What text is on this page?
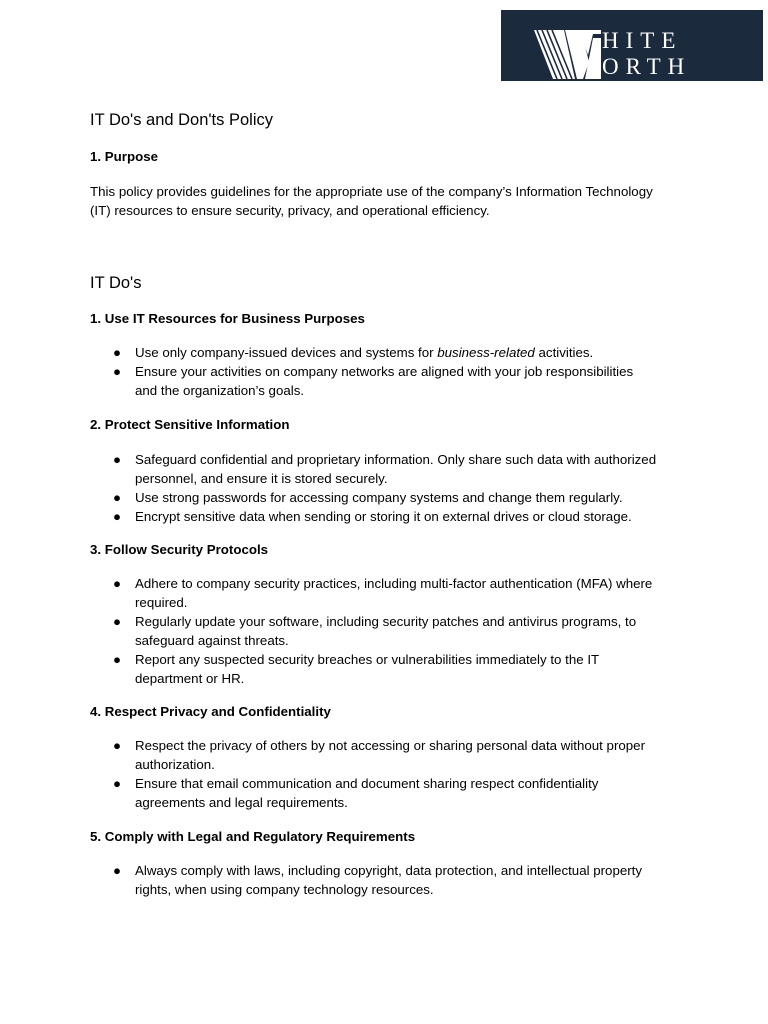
HITE
ORTH
IT Do's and Don'ts Policy
1. Purpose

This policy provides guidelines for the appropriate use of the company’s Information Technology
(IT) resources to ensure security, privacy, and operational efficiency.

IT Do's
1. Use IT Resources for Business Purposes
● Use only company-issued devices and systems for business-related activities.
● Ensure your activities on company networks are aligned with your job responsibilities
and the organization’s goals.
2. Protect Sensitive Information
● Safeguard confidential and proprietary information. Only share such data with authorized
personnel, and ensure it is stored securely.
● Use strong passwords for accessing company systems and change them regularly.
● Encrypt sensitive data when sending or storing it on external drives or cloud storage.
3. Follow Security Protocols
● Adhere to company security practices, including multi-factor authentication (MFA) where
required.
● Regularly update your software, including security patches and antivirus programs, to
safeguard against threats.
● Report any suspected security breaches or vulnerabilities immediately to the IT
department or HR.
4. Respect Privacy and Confidentiality
● Respect the privacy of others by not accessing or sharing personal data without proper
authorization.
● Ensure that email communication and document sharing respect confidentiality
agreements and legal requirements.
5. Comply with Legal and Regulatory Requirements
● Always comply with laws, including copyright, data protection, and intellectual property
rights, when using company technology resources.
